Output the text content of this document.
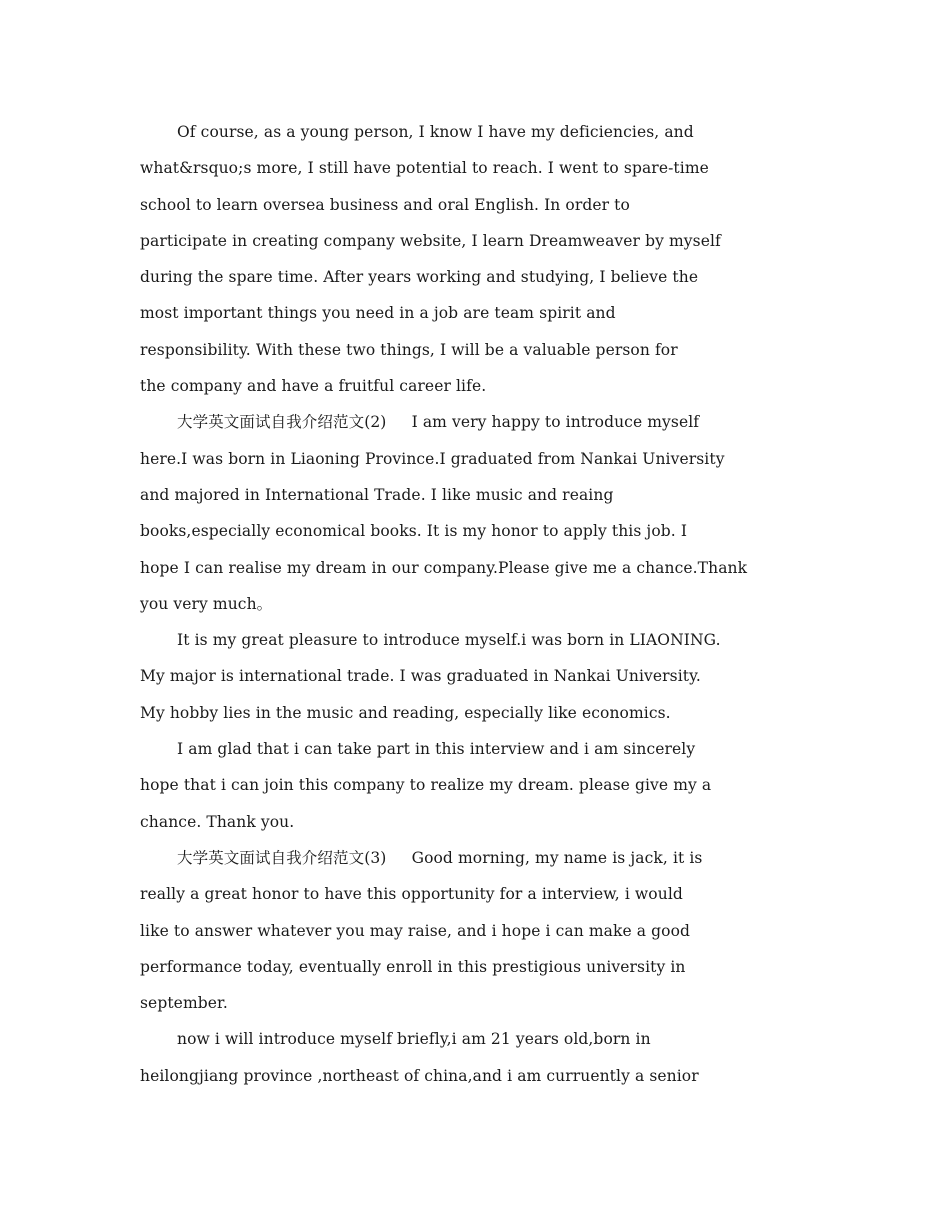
Of course, as a young person, I know I have my deficiencies, and
what&rsquo;s more, I still have potential to reach. I went to spare-time
school to learn oversea business and oral English. In order to
participate in creating company website, I learn Dreamweaver by myself
during the spare time. After years working and studying, I believe the
most important things you need in a job are team spirit and
responsibility. With these two things, I will be a valuable person for
the company and have a fruitful career life.
大学英文面试自我介绍范文(2)     I am very happy to introduce myself
here.I was born in Liaoning Province.I graduated from Nankai University
and majored in International Trade. I like music and reaing
books,especially economical books. It is my honor to apply this job. I
hope I can realise my dream in our company.Please give me a chance.Thank
you very much。
It is my great pleasure to introduce myself.i was born in LIAONING.
My major is international trade. I was graduated in Nankai University.
My hobby lies in the music and reading, especially like economics.
I am glad that i can take part in this interview and i am sincerely
hope that i can join this company to realize my dream. please give my a
chance. Thank you.
大学英文面试自我介绍范文(3)     Good morning, my name is jack, it is
really a great honor to have this opportunity for a interview, i would
like to answer whatever you may raise, and i hope i can make a good
performance today, eventually enroll in this prestigious university in
september.
now i will introduce myself briefly,i am 21 years old,born in
heilongjiang province ,northeast of china,and i am curruently a senior
